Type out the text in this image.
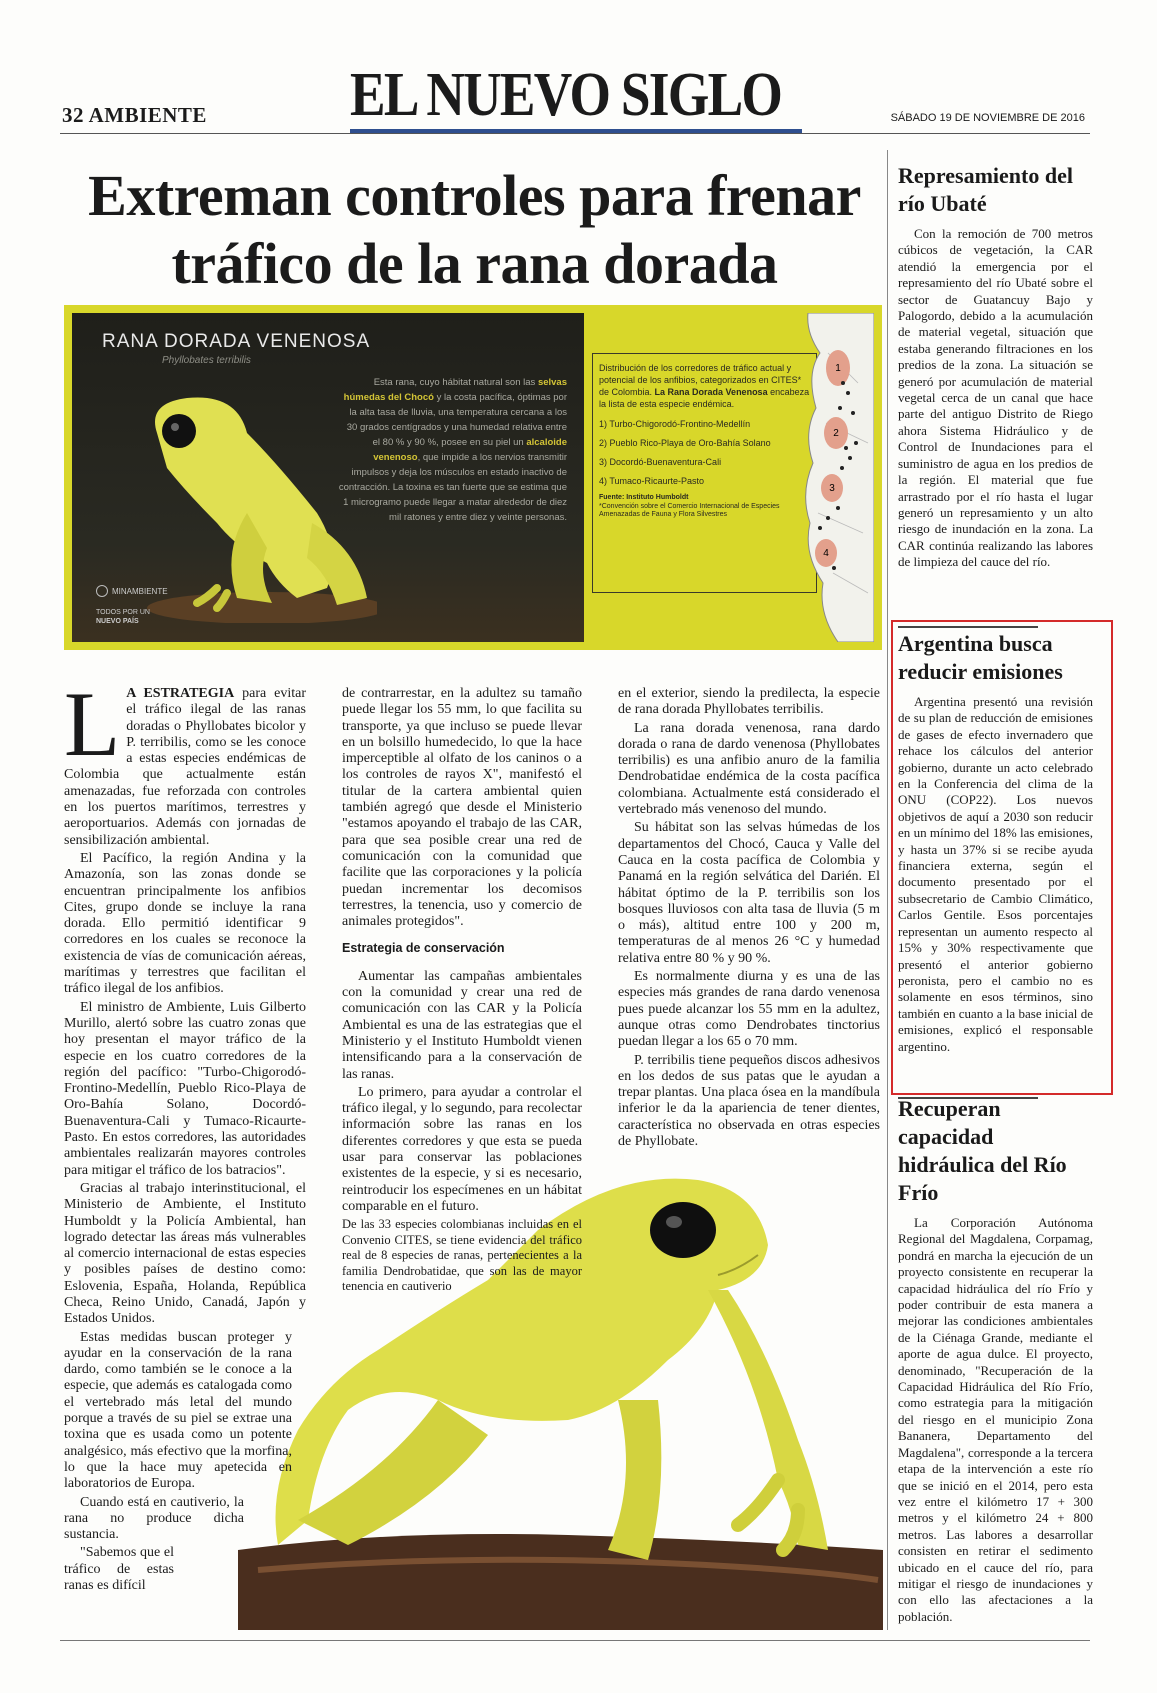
32 AMBIENTE EL NUEVO SIGLO	SÁBADO 19 DE NOVIEMBRE DE 2016
Extreman controles para frenar tráfico de la rana dorada
RANA DORADA VENENOSA
Phyllobates terribilis
Esta rana, cuyo hábitat natural son las selvas húmedas del Chocó y la costa pacífica, óptimas por la alta tasa de lluvia, una temperatura cercana a los 30 grados centígrados y una humedad relativa entre el 80 % y 90 %, posee en su piel un alcaloide venenoso, que impide a los nervios transmitir impulsos y deja los músculos en estado inactivo de contracción. La toxina es tan fuerte que se estima que 1 microgramo puede llegar a matar alrededor de diez mil ratones y entre diez y veinte personas.
MINAMBIENTE
TODOS POR UN
NUEVO PAÍS
Distribución de los corredores de tráfico actual y potencial de los anfibios, categorizados en CITES* de Colombia. La Rana Dorada Venenosa encabeza la lista de esta especie endémica.
1) Turbo-Chigorodó-Frontino-Medellín
2) Pueblo Rico-Playa de Oro-Bahía Solano
3) Docordó-Buenaventura-Cali
4) Tumaco-Ricaurte-Pasto
Fuente: Instituto Humboldt
*Convención sobre el Comercio Internacional de Especies Amenazadas de Fauna y Flora Silvestres
1
2
3
4

L A ESTRATEGIA para evitar el tráfico ilegal de las ranas doradas o Phyllobates bicolor y P. terribilis, como se les conoce a estas especies endémicas de Colombia que actualmente están amenazadas, fue reforzada con controles en los puertos marítimos, terrestres y aeroportuarios. Además con jornadas de sensibilización ambiental.

El Pacífico, la región Andina y la Amazonía, son las zonas donde se encuentran principalmente los anfibios Cites, grupo donde se incluye la rana dorada. Ello permitió identificar 9 corredores en los cuales se reconoce la existencia de vías de comunicación aéreas, marítimas y terrestres que facilitan el tráfico ilegal de los anfibios.

El ministro de Ambiente, Luis Gilberto Murillo, alertó sobre las cuatro zonas que hoy presentan el mayor tráfico de la especie en los cuatro corredores de la región del pacífico: "Turbo-Chigorodó-Frontino-Medellín, Pueblo Rico-Playa de Oro-Bahía Solano, Docordó-Buenaventura-Cali y Tumaco-Ricaurte-Pasto. En estos corredores, las autoridades ambientales realizarán mayores controles para mitigar el tráfico de los batracios".

Gracias al trabajo interinstitucional, el Ministerio de Ambiente, el Instituto Humboldt y la Policía Ambiental, han logrado detectar las áreas más vulnerables al comercio internacional de estas especies y posibles países de destino como: Eslovenia, España, Holanda, República Checa, Reino Unido, Canadá, Japón y Estados Unidos.

Estas medidas buscan proteger y ayudar en la conservación de la rana dardo, como también se le conoce a la especie, que además es catalogada como el vertebrado más letal del mundo porque a través de su piel se extrae una toxina que es usada como un potente analgésico, más efectivo que la morfina, lo que la hace muy apetecida en laboratorios de Europa.

Cuando está en cautiverio, la rana no produce dicha sustancia.

"Sabemos que el tráfico de estas ranas es difícil

de contrarrestar, en la adultez su tamaño puede llegar los 55 mm, lo que facilita su transporte, ya que incluso se puede llevar en un bolsillo humedecido, lo que la hace imperceptible al olfato de los caninos o a los controles de rayos X", manifestó el titular de la cartera ambiental quien también agregó que desde el Ministerio "estamos apoyando el trabajo de las CAR, para que sea posible crear una red de comunicación con la comunidad que facilite que las corporaciones y la policía puedan incrementar los decomisos terrestres, la tenencia, uso y comercio de animales protegidos".

Estrategia de conservación

Aumentar las campañas ambientales con la comunidad y crear una red de comunicación con las CAR y la Policía Ambiental es una de las estrategias que el Ministerio y el Instituto Humboldt vienen intensificando para a la conservación de las ranas.

Lo primero, para ayudar a controlar el tráfico ilegal, y lo segundo, para recolectar información sobre las ranas en los diferentes corredores y que esta se pueda usar para conservar las poblaciones existentes de la especie, y si es necesario, reintroducir los especímenes en un hábitat comparable en el futuro.

De las 33 especies colombianas incluidas en el Convenio CITES, se tiene evidencia del tráfico real de 8 especies de ranas, pertenecientes a la familia Dendrobatidae, que son las de mayor tenencia en cautiverio

en el exterior, siendo la predilecta, la especie de rana dorada Phyllobates terribilis.

La rana dorada venenosa, rana dardo dorada o rana de dardo venenosa (Phyllobates terribilis) es una anfibio anuro de la familia Dendrobatidae endémica de la costa pacífica colombiana. Actualmente está considerado el vertebrado más venenoso del mundo.

Su hábitat son las selvas húmedas de los departamentos del Chocó, Cauca y Valle del Cauca en la costa pacífica de Colombia y Panamá en la región selvática del Darién. El hábitat óptimo de la P. terribilis son los bosques lluviosos con alta tasa de lluvia (5 m o más), altitud entre 100 y 200 m, temperaturas de al menos 26 °C y humedad relativa entre 80 % y 90 %.

Es normalmente diurna y es una de las especies más grandes de rana dardo venenosa pues puede alcanzar los 55 mm en la adultez, aunque otras como Dendrobates tinctorius puedan llegar a los 65 o 70 mm.

P. terribilis tiene pequeños discos adhesivos en los dedos de sus patas que le ayudan a trepar plantas. Una placa ósea en la mandíbula inferior le da la apariencia de tener dientes, característica no observada en otras especies de Phyllobate.

Represamiento del río Ubaté
Con la remoción de 700 metros cúbicos de vegetación, la CAR atendió la emergencia por el represamiento del río Ubaté sobre el sector de Guatancuy Bajo y Palogordo, debido a la acumulación de material vegetal, situación que estaba generando filtraciones en los predios de la zona. La situación se generó por acumulación de material vegetal cerca de un canal que hace parte del antiguo Distrito de Riego ahora Sistema Hidráulico y de Control de Inundaciones para el suministro de agua en los predios de la región. El material que fue arrastrado por el río hasta el lugar generó un represamiento y un alto riesgo de inundación en la zona. La CAR continúa realizando las labores de limpieza del cauce del río.
Argentina busca reducir emisiones
Argentina presentó una revisión de su plan de reducción de emisiones de gases de efecto invernadero que rehace los cálculos del anterior gobierno, durante un acto celebrado en la Conferencia del clima de la ONU (COP22). Los nuevos objetivos de aquí a 2030 son reducir en un mínimo del 18% las emisiones, y hasta un 37% si se recibe ayuda financiera externa, según el documento presentado por el subsecretario de Cambio Climático, Carlos Gentile. Esos porcentajes representan un aumento respecto al 15% y 30% respectivamente que presentó el anterior gobierno peronista, pero el cambio no es solamente en esos términos, sino también en cuanto a la base inicial de emisiones, explicó el responsable argentino.
Recuperan capacidad hidráulica del Río Frío
La Corporación Autónoma Regional del Magdalena, Corpamag, pondrá en marcha la ejecución de un proyecto consistente en recuperar la capacidad hidráulica del río Frío y poder contribuir de esta manera a mejorar las condiciones ambientales de la Ciénaga Grande, mediante el aporte de agua dulce. El proyecto, denominado, "Recuperación de la Capacidad Hidráulica del Río Frío, como estrategia para la mitigación del riesgo en el municipio Zona Bananera, Departamento del Magdalena", corresponde a la tercera etapa de la intervención a este río que se inició en el 2014, pero esta vez entre el kilómetro 17 + 300 metros y el kilómetro 24 + 800 metros. Las labores a desarrollar consisten en retirar el sedimento ubicado en el cauce del río, para mitigar el riesgo de inundaciones y con ello las afectaciones a la población.
